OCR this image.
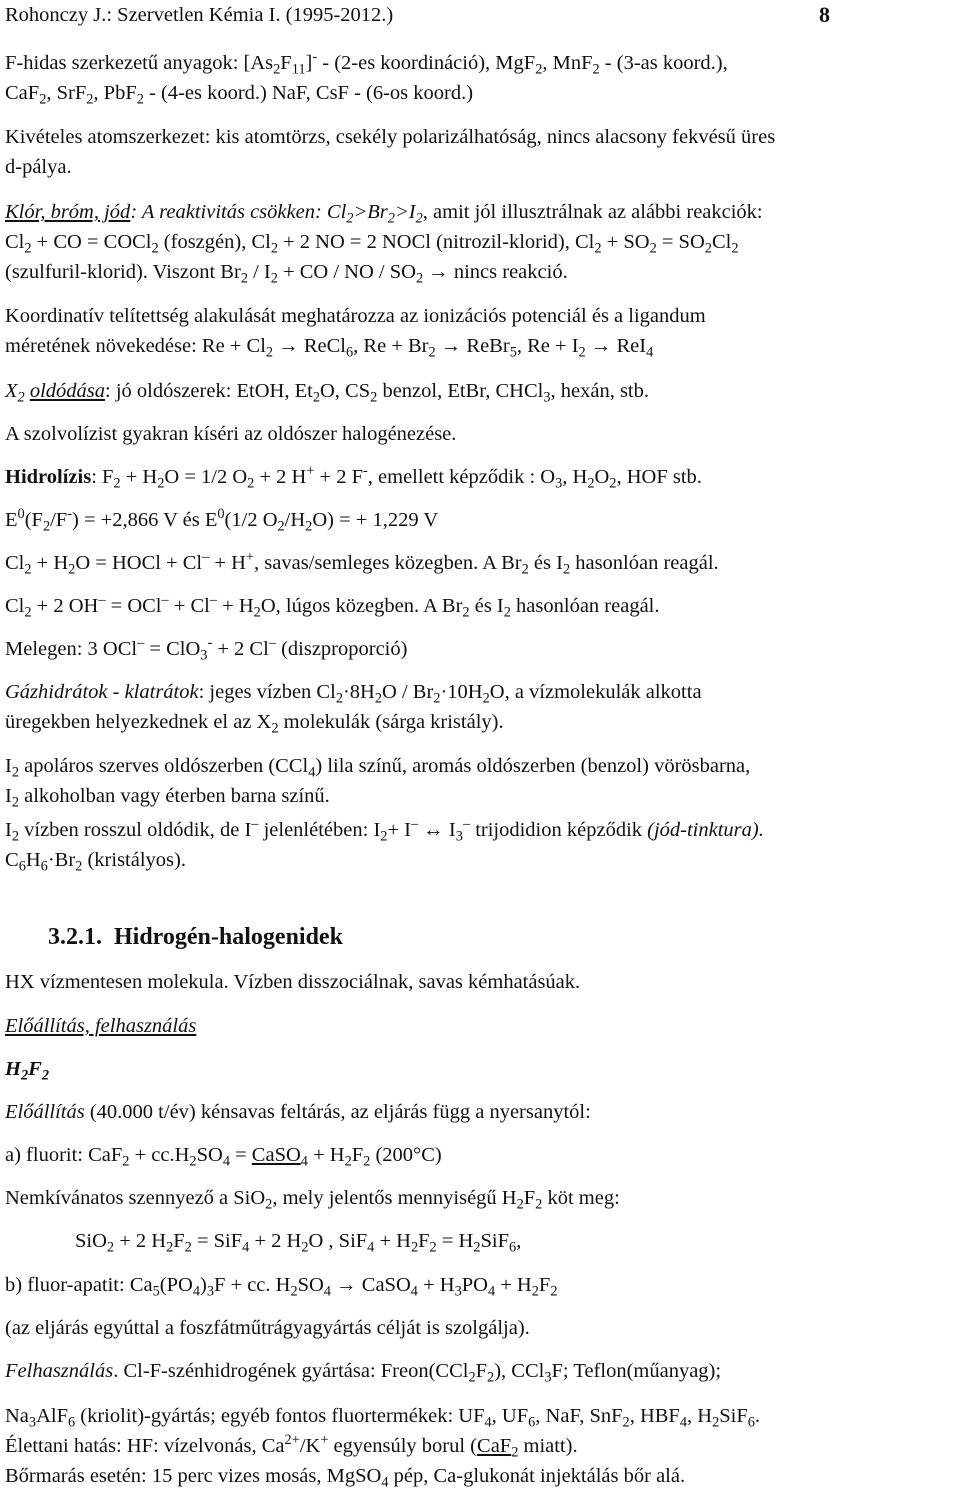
Rohonczy J.: Szervetlen Kémia I. (1995-2012.)	8
F-hidas szerkezetű anyagok: $[As_2F_{11}]^- - (2-es$ koordináció), MgF$_2$, MnF$_2$ - (3-as koord.),
CaF$_2$, SrF$_2$, PbF$_2$ - (4-es koord.) NaF, CsF - (6-os koord.)
Kivételes atomszerkezet: kis atomtörzs, csekély polarizálhatóság, nincs alacsony fekvésű üres
d-pálya.
Klór, bróm, jód: A reaktivitás csökken: $Cl_2>Br_2>I_2$, amit jól illusztrálnak az alábbi reakciók:
$Cl_2$ + CO = COCl$_2$ (foszgén), $Cl_2 + 2$ NO = 2 NOCl (nitrozil-klorid), $Cl_2 + SO_2 = SO_2Cl_2$
(szulfuril-klorid). Viszont $Br_2 / I_2$ + CO / NO / $SO_2$ → nincs reakció.
Koordinatív telítettség alakulását meghatározza az ionizációs potenciál és a ligandum
méretének növekedése: $Re + Cl_2$ → ReCl$_6$, $Re + Br_2$ → ReBr$_5$, $Re + I_2 \to ReI_4$
$X_2$ oldódása: jó oldószerek: EtOH, $Et_2O$, $CS_2$ benzol, EtBr, CHCl$_3$, hexán, stb.
A szolvolízist gyakran kíséri az oldószer halogénezése.
Hidrolízis: $F_2 + H_2O = 1/2$ $O_2 + 2$ H+ + 2 F-, emellett képződik : $O_3$, $H_2O_2$, HOF stb.
$E^0(F_2/F^-) = +2,866$ V és $E^0(1/2$ $O_2/H_2O$) = + 1,229 V
$Cl_2 + H_2O$ = HOCl + Cl– + H+, savas/semleges közegben. A $Br_2$ és $I_2$ hasonlóan reagál.
$Cl_2 + 2$ $OH^- = OCl^- + Cl^- + H_2O$, lúgos közegben. A $Br_2$ és $I_2$ hasonlóan reagál.
Melegen: 3 OCl– = ClO$_3$- + 2 Cl– (diszproporció)
Gázhidrátok - klatrátok: jeges vízben $Cl_2\cdot 8H_2O / Br_2\cdot 10H_2O$, a vízmolekulák alkotta
üregekben helyezkednek el az $X_2$ molekulák (sárga kristály).
$I_2$ apoláros szerves oldószerben (CCl$_4$) lila színű, aromás oldószerben (benzol) vörösbarna,
$I_2$ alkoholban vagy éterben barna színű.
$I_2$ vízben rosszul oldódik, de I– jelenlétében: $I_2+ I^-$ ↔ $I_3^-$ trijodidion képződik (jód-tinktura).
$C_6H_6\cdot Br_2$ (kristályos).
3.2.1.  Hidrogén-halogenidek
HX vízmentesen molekula. Vízben disszociálnak, savas kémhatásúak.
Előállítás, felhasználás
$H_2F_2$
Előállítás (40.000 t/év) kénsavas feltárás, az eljárás függ a nyersanytól:
a) fluorit: $CaF_2 + cc.H_2SO_4$ = CaSO$_4$ + $H_2F_2$ (200°C)
Nemkívánatos szennyező a SiO$_2$, mely jelentős mennyiségű $H_2F_2$ köt meg:
SiO$_2$ + 2 $H_2F_2 = SiF_4 + 2$ $H_2O$ , $SiF_4 + H_2F_2 = H_2SiF_6$,
b) fluor-apatit: $Ca_5(PO_4)_3F$ + cc. $H_2SO_4$ → CaSO$_4$ + $H_3PO_4 + H_2F_2$
(az eljárás egyúttal a foszfátműtrágyagyártás célját is szolgálja).
Felhasználás. Cl-F-szénhidrogének gyártása: $Freon(CCl_2F_2)$, CCl$_3$F; Teflon(műanyag);
$Na_3AlF_6$ (kriolit)-gyártás; egyéb fontos fluortermékek: $UF_4$, $UF_6$, NaF, SnF$_2$, $HBF_4$, $H_2SiF_6$.
Élettani hatás: HF: vízelvonás, $Ca^{2+}/K^+$ egyensúly borul (CaF$_2$ miatt).
Bőrmarás esetén: 15 perc vizes mosás, MgSO$_4$ pép, Ca-glukonát injektálás bőr alá.
